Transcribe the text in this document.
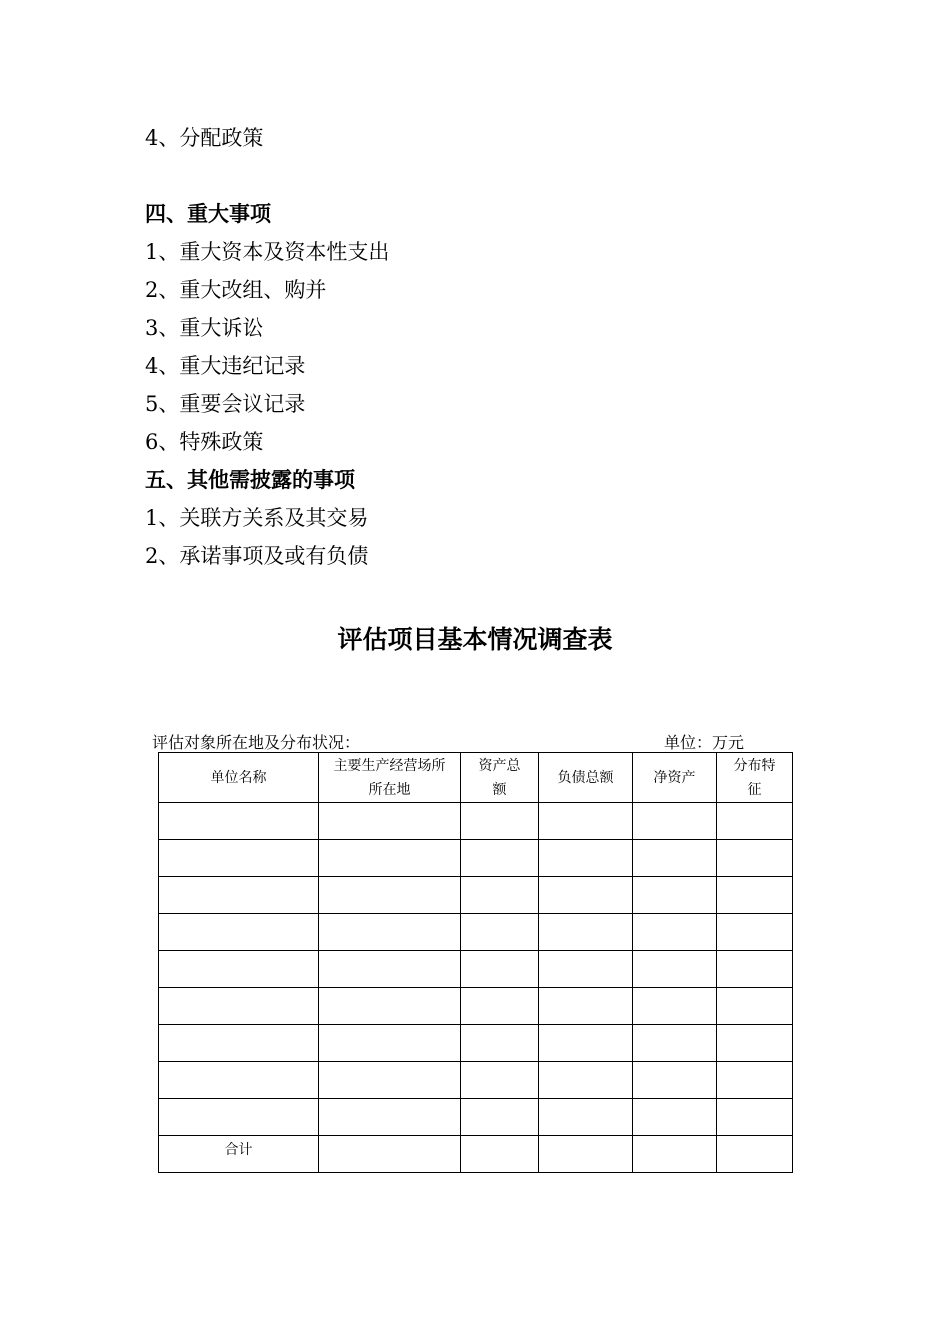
4、分配政策
四、重大事项
1、重大资本及资本性支出
2、重大改组、购并
3、重大诉讼
4、重大违纪记录
5、重要会议记录
6、特殊政策
五、其他需披露的事项
1、关联方关系及其交易
2、承诺事项及或有负债
评估项目基本情况调查表
评估对象所在地及分布状况：	单位：万元
单位名称	主要生产经营场所所在地	资产总额	负债总额	净资产	分布特征

合计					
